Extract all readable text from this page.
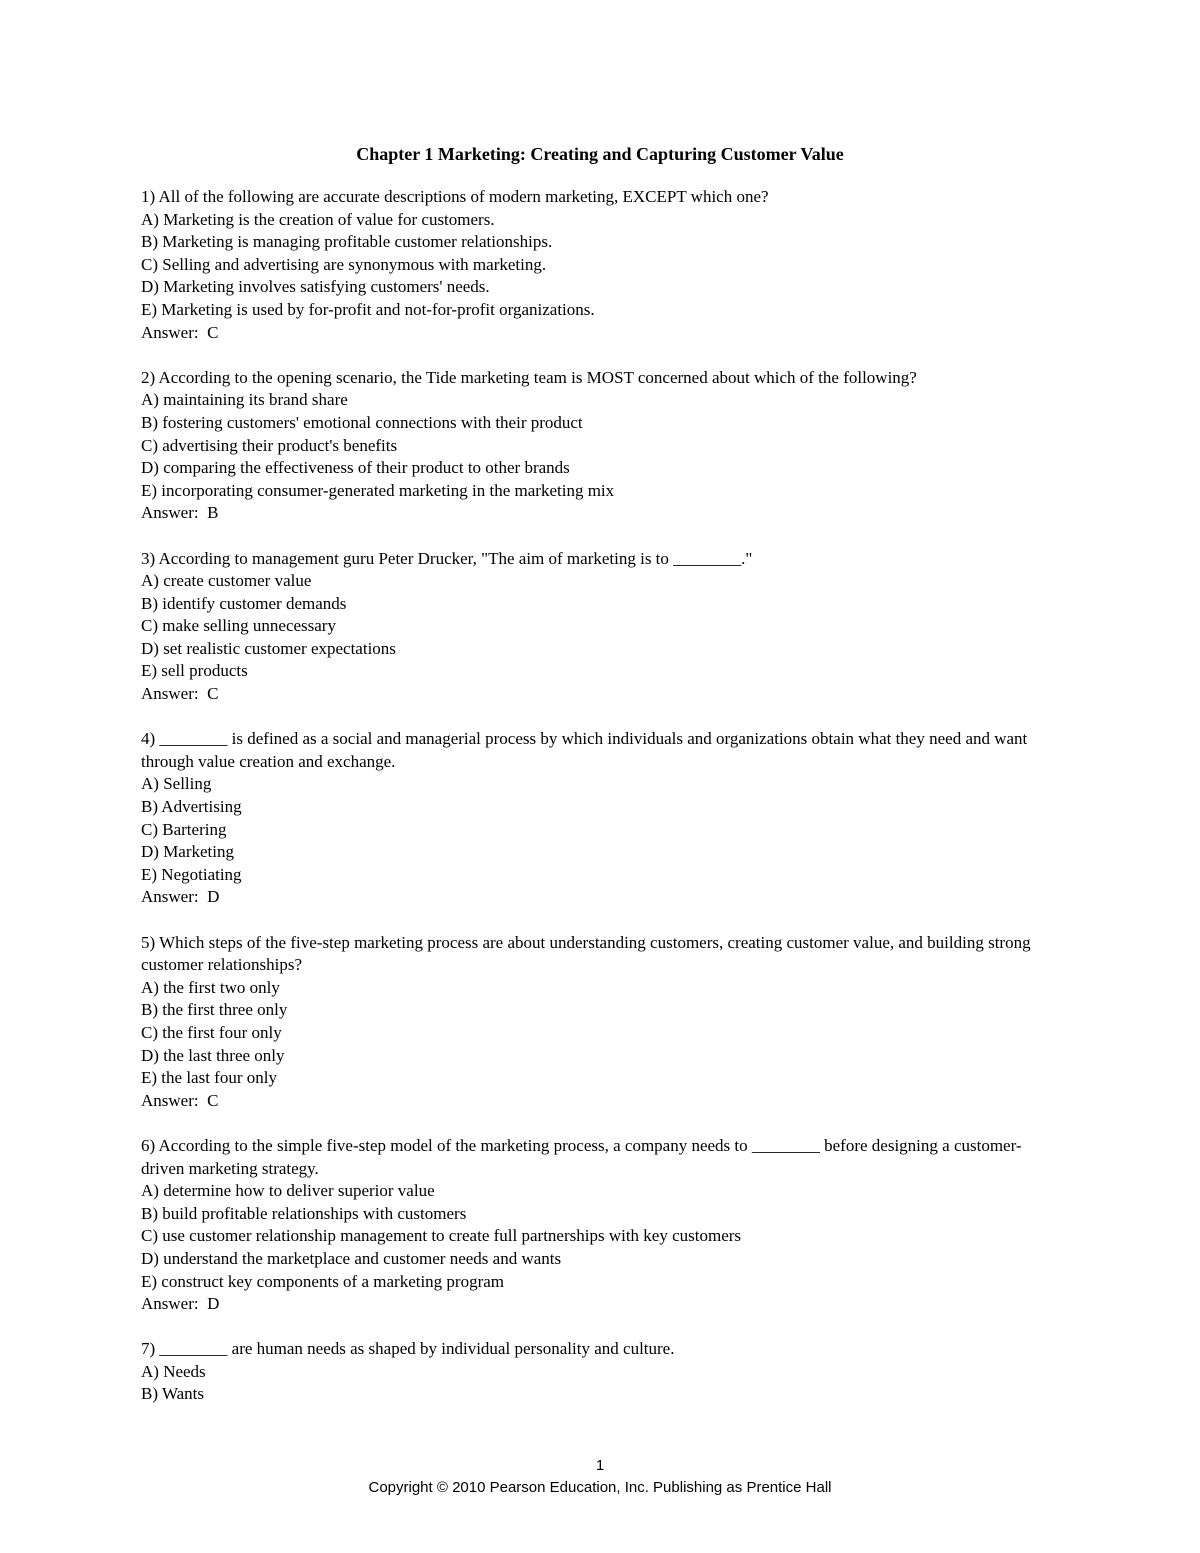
Chapter 1 Marketing: Creating and Capturing Customer Value
1) All of the following are accurate descriptions of modern marketing, EXCEPT which one?
A) Marketing is the creation of value for customers.
B) Marketing is managing profitable customer relationships.
C) Selling and advertising are synonymous with marketing.
D) Marketing involves satisfying customers' needs.
E) Marketing is used by for-profit and not-for-profit organizations.
Answer:  C
2) According to the opening scenario, the Tide marketing team is MOST concerned about which of the following?
A) maintaining its brand share
B) fostering customers' emotional connections with their product
C) advertising their product's benefits
D) comparing the effectiveness of their product to other brands
E) incorporating consumer-generated marketing in the marketing mix
Answer:  B
3) According to management guru Peter Drucker, "The aim of marketing is to ________."
A) create customer value
B) identify customer demands
C) make selling unnecessary
D) set realistic customer expectations
E) sell products
Answer:  C
4) ________ is defined as a social and managerial process by which individuals and organizations obtain what they need and want through value creation and exchange.
A) Selling
B) Advertising
C) Bartering
D) Marketing
E) Negotiating
Answer:  D
5) Which steps of the five-step marketing process are about understanding customers, creating customer value, and building strong customer relationships?
A) the first two only
B) the first three only
C) the first four only
D) the last three only
E) the last four only
Answer:  C
6) According to the simple five-step model of the marketing process, a company needs to ________ before designing a customer-driven marketing strategy.
A) determine how to deliver superior value
B) build profitable relationships with customers
C) use customer relationship management to create full partnerships with key customers
D) understand the marketplace and customer needs and wants
E) construct key components of a marketing program
Answer:  D
7) ________ are human needs as shaped by individual personality and culture.
A) Needs
B) Wants
1
Copyright © 2010 Pearson Education, Inc. Publishing as Prentice Hall
